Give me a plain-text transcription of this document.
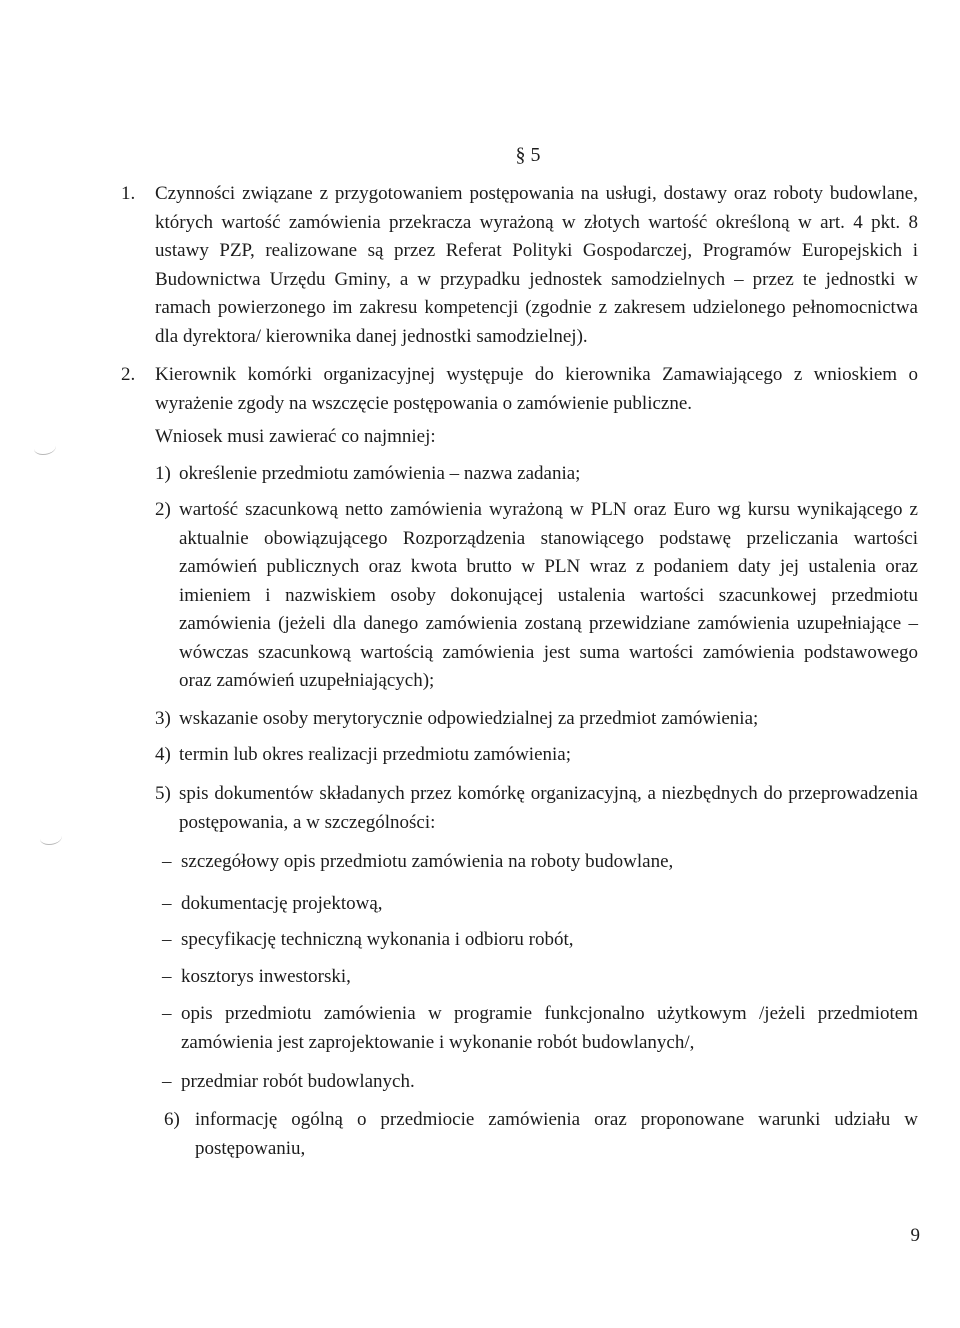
§ 5
1. Czynności związane z przygotowaniem postępowania na usługi, dostawy oraz roboty budowlane, których wartość zamówienia przekracza wyrażoną w złotych wartość określoną w art. 4 pkt. 8 ustawy PZP, realizowane są przez Referat Polityki Gospodarczej, Programów Europejskich i Budownictwa Urzędu Gminy, a w przypadku jednostek samodzielnych – przez te jednostki w ramach powierzonego im zakresu kompetencji (zgodnie z zakresem udzielonego pełnomocnictwa dla dyrektora/ kierownika danej jednostki samodzielnej).
2. Kierownik komórki organizacyjnej występuje do kierownika Zamawiającego z wnioskiem o wyrażenie zgody na wszczęcie postępowania o zamówienie publiczne.
Wniosek musi zawierać co najmniej:
1) określenie przedmiotu zamówienia – nazwa zadania;
2) wartość szacunkową netto zamówienia wyrażoną w PLN oraz Euro wg kursu wynikającego z aktualnie obowiązującego Rozporządzenia stanowiącego podstawę przeliczania wartości zamówień publicznych oraz kwota brutto w PLN wraz z podaniem daty jej ustalenia oraz imieniem i nazwiskiem osoby dokonującej ustalenia wartości szacunkowej przedmiotu zamówienia (jeżeli dla danego zamówienia zostaną przewidziane zamówienia uzupełniające – wówczas szacunkową wartością zamówienia jest suma wartości zamówienia podstawowego oraz zamówień uzupełniających);
3) wskazanie osoby merytorycznie odpowiedzialnej za przedmiot zamówienia;
4) termin lub okres realizacji przedmiotu zamówienia;
5) spis dokumentów składanych przez komórkę organizacyjną, a niezbędnych do przeprowadzenia postępowania, a w szczególności:
– szczegółowy opis przedmiotu zamówienia na roboty budowlane,
– dokumentację projektową,
– specyfikację techniczną wykonania i odbioru robót,
– kosztorys inwestorski,
– opis przedmiotu zamówienia w programie funkcjonalno użytkowym /jeżeli przedmiotem zamówienia jest zaprojektowanie i wykonanie robót budowlanych/,
– przedmiar robót budowlanych.
6) informację ogólną o przedmiocie zamówienia oraz proponowane warunki udziału w postępowaniu,
9
